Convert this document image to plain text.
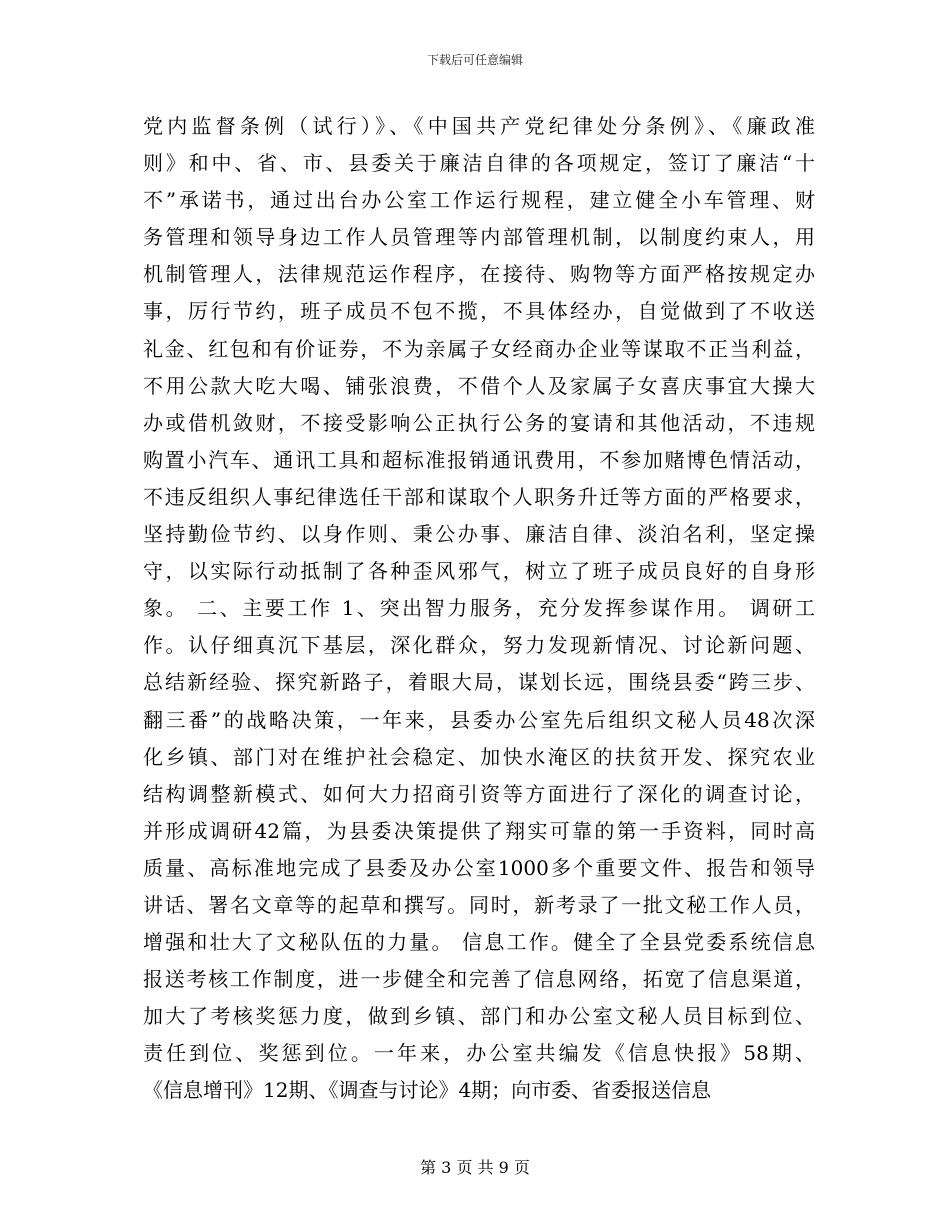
下载后可任意编辑
党内监督条例（试行）》、《中国共产党纪律处分条例》、《廉政准
则》和中、省、市、县委关于廉洁自律的各项规定，签订了廉洁“十
不”承诺书，通过出台办公室工作运行规程，建立健全小车管理、财
务管理和领导身边工作人员管理等内部管理机制，以制度约束人，用
机制管理人，法律规范运作程序，在接待、购物等方面严格按规定办
事，厉行节约，班子成员不包不揽，不具体经办，自觉做到了不收送
礼金、红包和有价证券，不为亲属子女经商办企业等谋取不正当利益，
不用公款大吃大喝、铺张浪费，不借个人及家属子女喜庆事宜大操大
办或借机敛财，不接受影响公正执行公务的宴请和其他活动，不违规
购置小汽车、通讯工具和超标准报销通讯费用，不参加赌博色情活动，
不违反组织人事纪律选任干部和谋取个人职务升迁等方面的严格要求，
坚持勤俭节约、以身作则、秉公办事、廉洁自律、淡泊名利，坚定操
守，以实际行动抵制了各种歪风邪气，树立了班子成员良好的自身形
象。 二、主要工作 1、突出智力服务，充分发挥参谋作用。 调研工
作。认仔细真沉下基层，深化群众，努力发现新情况、讨论新问题、
总结新经验、探究新路子，着眼大局，谋划长远，围绕县委“跨三步、
翻三番”的战略决策，一年来，县委办公室先后组织文秘人员48次深
化乡镇、部门对在维护社会稳定、加快水淹区的扶贫开发、探究农业
结构调整新模式、如何大力招商引资等方面进行了深化的调查讨论，
并形成调研42篇，为县委决策提供了翔实可靠的第一手资料，同时高
质量、高标准地完成了县委及办公室1000多个重要文件、报告和领导
讲话、署名文章等的起草和撰写。同时，新考录了一批文秘工作人员，
增强和壮大了文秘队伍的力量。 信息工作。健全了全县党委系统信息
报送考核工作制度，进一步健全和完善了信息网络，拓宽了信息渠道，
加大了考核奖惩力度，做到乡镇、部门和办公室文秘人员目标到位、
责任到位、奖惩到位。一年来，办公室共编发《信息快报》58期、
《信息增刊》12期、《调查与讨论》4期；向市委、省委报送信息
第 3 页 共 9 页
